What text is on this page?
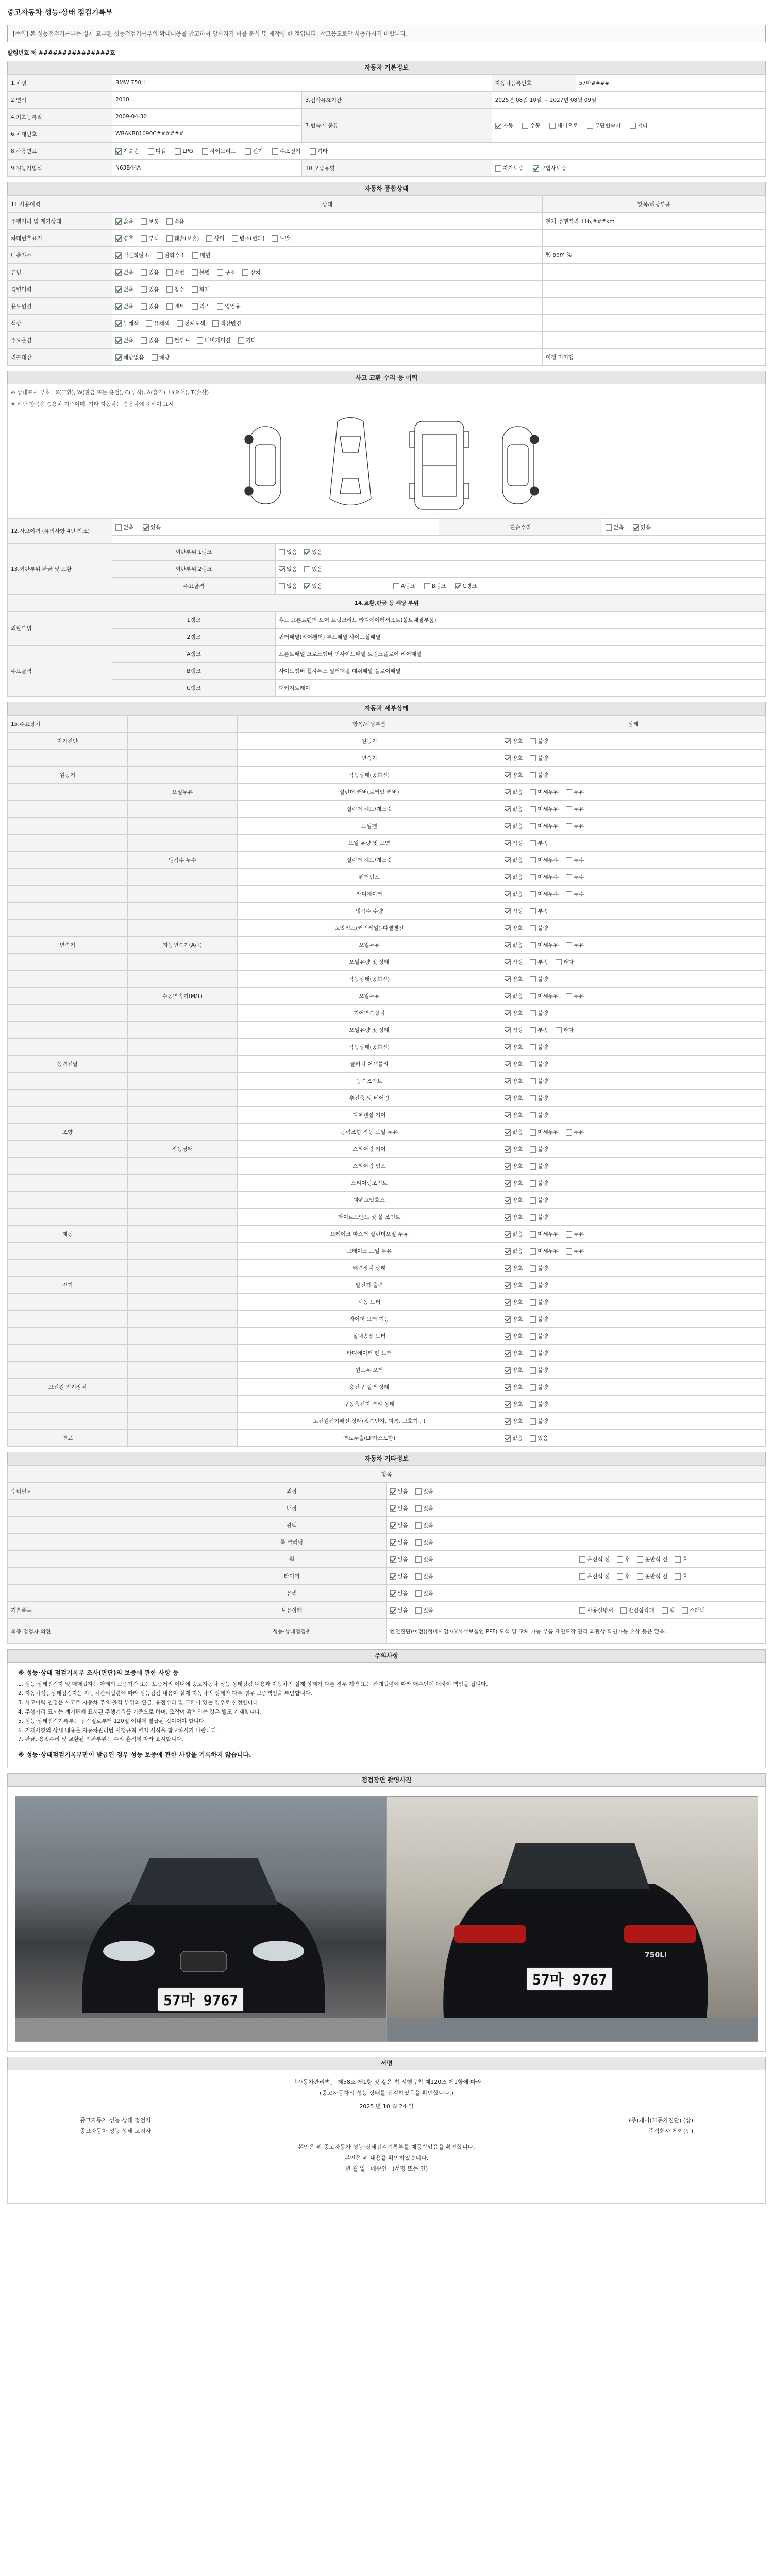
중고자동차 성능·상태 점검기록부
[주의] 본 성능점검기록부는 실제 교부된 성능점검기록부의 확대내용을 참고하여 당사자가 이를 분석 및 재작성 한 것입니다. 참고용도로만 사용하시기 바랍니다.
발행번호 제 ###############호
자동차 기본정보
1.차명	BMW 750Li		자동차등록번호	57마####
2.연식	2010	3.검사유효기간	2025년 08월 10일 ~ 2027년 08월 09일	
4.최초등록일	2009-04-30	7.변속기 종류	자동 수동 세미오토 무단변속기 기타	
6.차대번호	WBAKB81090C######			
8.사용연료	가솔린 디젤 LPG 하이브리드 전기 수소전기 기타			
9.원동기형식	N63B44A	10.보증유형	자가보증 보험사보증	
자동차 종합상태
11.사용이력	상태	항목/해당부품
주행거리 및 계기상태	많음 보통 적음	현재 주행거리 116,###km
차대번호표기	양호 부식 훼손(오손) 상이 변조(변타) 도말	
배출가스	일산화탄소 탄화수소 매연	% ppm %
튜닝	없음 있음 적법 불법 구조 장치	
특별이력	없음 있음 침수 화재	
용도변경	없음 있음 렌트 리스 영업용	
색상	무채색 유채색 전체도색 색상변경	
주요옵션	없음 있음 썬루프 네비게이션 기타	
리콜대상	해당없음 해당	이행 미이행
사고 교환 수리 등 이력
※ 상태표시 부호 : X(교환), W(판금 또는 용접), C(부식), A(흠집), U(요철), T(손상)
※ 하단 항목은 승용차 기준이며, 기타 자동차는 승용차에 준하여 표시
12.사고이력 (유의사항 4번 참조)	없음 있음		단순수리	없음 있음

13.외판부위 판금 및 교환	외판부위 1랭크	없음 있음		
	외판부위 2랭크	없음 있음		
	주요골격	없음 있음 A랭크 B랭크 C랭크		
14.교환,판금 등 해당 부위				
외판부위	1랭크	후드 프론트휀더 도어 트렁크리드 라디에이터서포트(볼트체결부품)		
	2랭크	쿼터패널(리어휀더) 루프패널 사이드실패널		
주요골격	A랭크	프론트패널 크로스멤버 인사이드패널 트렁크플로어 리어패널		
	B랭크	사이드멤버 휠하우스 필러패널 대쉬패널 플로어패널		
	C랭크	패키지트레이		
자동차 세부상태
15.주요장치		항목/해당부품	상태
자기진단		원동기	양호 불량
		변속기	양호 불량
원동기		작동상태(공회전)	양호 불량
	오일누유	실린더 커버(로커암 커버)	없음 미세누유 누유
		실린더 헤드/개스킷	없음 미세누유 누유
		오일팬	없음 미세누유 누유
		오일 유량 및 오염	적정 부족
	냉각수 누수	실린더 헤드/개스킷	없음 미세누수 누수
		워터펌프	없음 미세누수 누수
		라디에이터	없음 미세누수 누수
		냉각수 수량	적정 부족
		고압펌프(커먼레일)-디젤엔진	양호 불량
변속기	자동변속기(A/T)	오일누유	없음 미세누유 누유
		오일유량 및 상태	적정 부족 과다
		작동상태(공회전)	양호 불량
	수동변속기(M/T)	오일누유	없음 미세누유 누유
		기어변속장치	양호 불량
		오일유량 및 상태	적정 부족 과다
		작동상태(공회전)	양호 불량
동력전달		클러치 어셈블리	양호 불량
		등속조인트	양호 불량
		추진축 및 베어링	양호 불량
		디퍼렌셜 기어	양호 불량
조향		동력조향 작동 오일 누유	없음 미세누유 누유
	작동상태	스티어링 기어	양호 불량
		스티어링 펌프	양호 불량
		스티어링조인트	양호 불량
		파워고압호스	양호 불량
		타이로드엔드 및 볼 조인트	양호 불량
제동		브레이크 마스터 실린더오일 누유	없음 미세누유 누유
		브레이크 오일 누유	없음 미세누유 누유
		배력장치 상태	양호 불량
전기		발전기 출력	양호 불량
		시동 모터	양호 불량
		와이퍼 모터 기능	양호 불량
		실내송풍 모터	양호 불량
		라디에이터 팬 모터	양호 불량
		윈도우 모터	양호 불량
고전원 전기장치		충전구 절연 상태	양호 불량
		구동축전지 격리 상태	양호 불량
		고전원전기배선 상태(접속단자, 피복, 보호기구)	양호 불량
연료		연료누출(LP가스포함)	없음 있음
자동차 기타정보
항목			
수리필요	외장	없음 있음	
	내장	없음 있음	
	광택	없음 있음	
	룸 클리닝	없음 있음	
	휠	없음 있음	운전석 전 후 동반석 전 후
	타이어	없음 있음	운전석 전 후 동반석 전 후
	유리	없음 있음	
기본품목	보유상태	없음 있음	사용설명서 안전삼각대 잭 스패너
최종 점검자 의견	성능·상태점검원	안전진단(이전)(정비사업자)(사설보험인 PPF) 도색 및 교체 가능 부품 표면도장 관리 외관상 확인가능 손상 등은 없음.	
주의사항
※ 성능·상태 점검기록부 조사(판단)의 보증에 관한 사항 등
1. 성능·상태점검자 및 매매업자는 아래의 보증기간 또는 보증거리 이내에 중고자동차 성능·상태점검 내용과 자동차의 실제 상태가 다른 경우 계약 또는 관계법령에 따라 매수인에 대하여 책임을 집니다.
2. 자동차성능상태점검자는 자동차관리법령에 따라 성능점검 내용이 실제 자동차의 상태와 다른 경우 보증책임을 부담합니다.
3. 사고이력 인정은 사고로 자동차 주요 골격 부위의 판금, 용접수리 및 교환이 있는 경우로 한정합니다.
4. 주행거리 표시는 계기판에 표시된 주행거리를 기준으로 하며, 조작이 확인되는 경우 별도 기재합니다.
5. 성능·상태점검기록부는 점검일로부터 120일 이내에 발급된 것이어야 합니다.
6. 기재사항의 상세 내용은 자동차관리법 시행규칙 별지 서식을 참고하시기 바랍니다.
7. 판금, 용접수리 및 교환된 외판부위는 수리 흔적에 따라 표시합니다.
※ 성능·상태점검기록부만이 발급된 경우 성능 보증에 관한 사항을 기록하지 않습니다.
점검장면 촬영사진
57마 9767
750Li
57마 9767
서명
「자동차관리법」 제58조 제1항 및 같은 법 시행규칙 제120조 제1항에 따라
(중고자동차의 성능·상태를 점검하였음을 확인합니다.)
2025 년 10 월 24 일
중고자동차 성능·상태 점검자	(주)제이(자동차진단) (상)
중고자동차 성능·상태 고지자	주식회사 제이(인)
본인은 위 중고자동차 성능·상태점검기록부를 제공받았음을 확인합니다.
본인은 위 내용을 확인하였습니다.
년 월 일 매수인 (서명 또는 인)
